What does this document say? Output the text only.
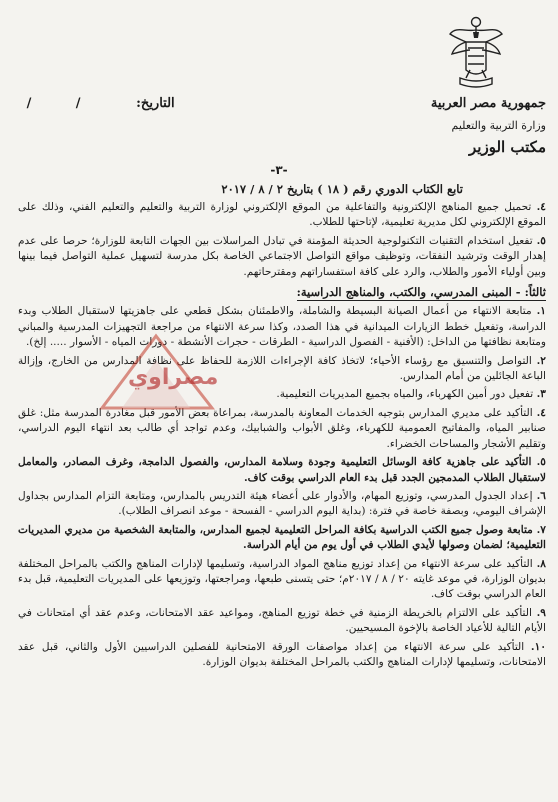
جمهورية مصر العربية
وزارة التربية والتعليم
مكتب الوزير
التاريخ:  /  /
-٣-
تابع الكتاب الدوري رقم ( ١٨ ) بتاريخ ٢ / ٨ / ٢٠١٧
٤. تحميل جميع المناهج الإلكترونية والتفاعلية من الموقع الإلكتروني لوزارة التربية والتعليم والتعليم الفني، وذلك على الموقع الإلكتروني لكل مديرية تعليمية، لإتاحتها للطلاب.
٥. تفعيل استخدام التقنيات التكنولوجية الحديثة المؤمنة في تبادل المراسلات بين الجهات التابعة للوزارة؛ حرصا على عدم إهدار الوقت وترشيد النفقات، وتوظيف مواقع التواصل الاجتماعي الخاصة بكل مدرسة لتسهيل عملية التواصل فيما بينها وبين أولياء الأمور والطلاب، والرد على كافة استفساراتهم ومقترحاتهم.
ثالثاً: - المبنى المدرسي، والكتب، والمناهج الدراسية:
١. متابعة الانتهاء من أعمال الصيانة البسيطة والشاملة، والاطمئنان بشكل قطعي على جاهزيتها لاستقبال الطلاب وبدء الدراسة، وتفعيل خطط الزيارات الميدانية في هذا الصدد، وكذا سرعة الانتهاء من مراجعة التجهيزات المدرسية والمباني ومتابعة نظافتها من الداخل: (الأفنية - الفصول الدراسية - الطرقات - حجرات الأنشطة - دورات المياه - الأسوار ..... إلخ).
٢. التواصل والتنسيق مع رؤساء الأحياء؛ لاتخاذ كافة الإجراءات اللازمة للحفاظ على نظافة المدارس من الخارج، وإزالة الباعة الجائلين من أمام المدارس.
٣. تفعيل دور أمين الكهرباء، والمياه بجميع المديريات التعليمية.
٤. التأكيد على مديري المدارس بتوجيه الخدمات المعاونة بالمدرسة، بمراعاة بعض الأمور قبل مغادرة المدرسة مثل: غلق صنابير المياه، والمفاتيح العمومية للكهرباء، وغلق الأبواب والشبابيك، وعدم تواجد أي طالب بعد انتهاء اليوم الدراسي، وتقليم الأشجار والمساحات الخضراء.
٥. التأكيد على جاهزية كافة الوسائل التعليمية وجودة وسلامة المدارس، والفصول الدامجة، وغرف المصادر، والمعامل لاستقبال الطلاب المدمجين الجدد قبل بدء العام الدراسي بوقت كاف.
٦. إعداد الجدول المدرسي، وتوزيع المهام، والأدوار على أعضاء هيئة التدريس بالمدارس، ومتابعة التزام المدارس بجداول الإشراف اليومي، وبصفة خاصة في فترة: (بداية اليوم الدراسي - الفسحة - موعد انصراف الطلاب).
٧. متابعة وصول جميع الكتب الدراسية بكافة المراحل التعليمية لجميع المدارس، والمتابعة الشخصية من مديري المديريات التعليمية؛ لضمان وصولها لأيدي الطلاب في أول يوم من أيام الدراسة.
٨. التأكيد على سرعة الانتهاء من إعداد توزيع مناهج المواد الدراسية، وتسليمها لإدارات المناهج والكتب بالمراحل المختلفة بديوان الوزارة، في موعد غايته ٢٠ / ٨ / ٢٠١٧م؛ حتى يتسنى طبعها، ومراجعتها، وتوزيعها على المديريات التعليمية، قبل بدء العام الدراسي بوقت كاف.
٩. التأكيد على الالتزام بالخريطة الزمنية في خطة توزيع المناهج، ومواعيد عقد الامتحانات، وعدم عقد أي امتحانات في الأيام التالية للأعياد الخاصة بالإخوة المسيحيين.
١٠. التأكيد على سرعة الانتهاء من إعداد مواصفات الورقة الامتحانية للفصلين الدراسيين الأول والثاني، قبل عقد الامتحانات، وتسليمها لإدارات المناهج والكتب بالمراحل المختلفة بديوان الوزارة.
مصراوي
